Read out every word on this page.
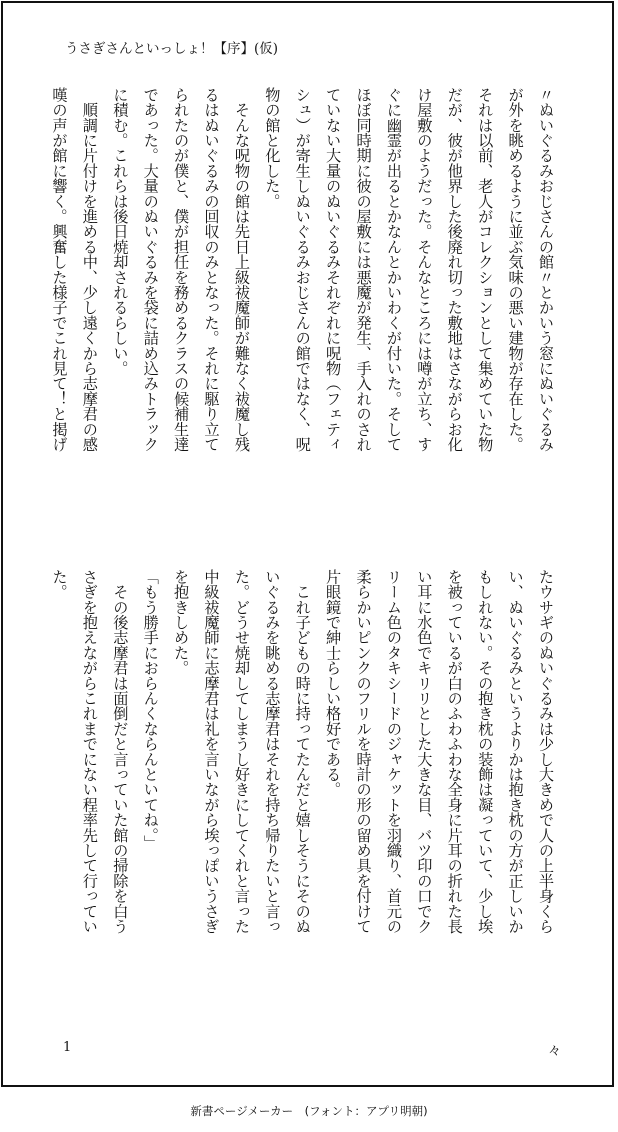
うさぎさんといっしょ！【序】(仮)

〃ぬいぐるみおじさんの館〃とかいう窓にぬいぐるみ

が外を眺めるように並ぶ気味の悪い建物が存在した。

それは以前、老人がコレクションとして集めていた物

だが、彼が他界した後廃れ切った敷地はさながらお化

け屋敷のようだった。そんなところには噂が立ち、す

ぐに幽霊が出るとかなんとかいわくが付いた。そして

ほぼ同時期に彼の屋敷には悪魔が発生、手入れのされ

ていない大量のぬいぐるみそれぞれに呪物（フェティ

シュ）が寄生しぬいぐるみおじさんの館ではなく、呪

物の館と化した。

　そんな呪物の館は先日上級祓魔師が難なく祓魔し残

るはぬいぐるみの回収のみとなった。それに駆り立て

られたのが僕と、僕が担任を務めるクラスの候補生達

であった。大量のぬいぐるみを袋に詰め込みトラック

に積む。これらは後日焼却されるらしい。

　順調に片付けを進める中、少し遠くから志摩君の感

嘆の声が館に響く。興奮した様子でこれ見て！と掲げ

たウサギのぬいぐるみは少し大きめで人の上半身くら

い、ぬいぐるみというよりかは抱き枕の方が正しいか

もしれない。その抱き枕の装飾は凝っていて、少し埃

を被っているが白のふわふわな全身に片耳の折れた長

い耳に水色でキリリとした大きな目、バツ印の口でク

リーム色のタキシードのジャケットを羽織り、首元の

柔らかいピンクのフリルを時計の形の留め具を付けて

片眼鏡で紳士らしい格好である。

　これ子どもの時に持ってたんだと嬉しそうにそのぬ

いぐるみを眺める志摩君はそれを持ち帰りたいと言っ

た。どうせ焼却してしまうし好きにしてくれと言った

中級祓魔師に志摩君は礼を言いながら埃っぽいうさぎ

を抱きしめた。

「もう勝手におらんくならんといてね。」

　その後志摩君は面倒だと言っていた館の掃除を白う

さぎを抱えながらこれまでにない程率先して行ってい

た。

1	々
新書ページメーカー　(フォント：アプリ明朝)
